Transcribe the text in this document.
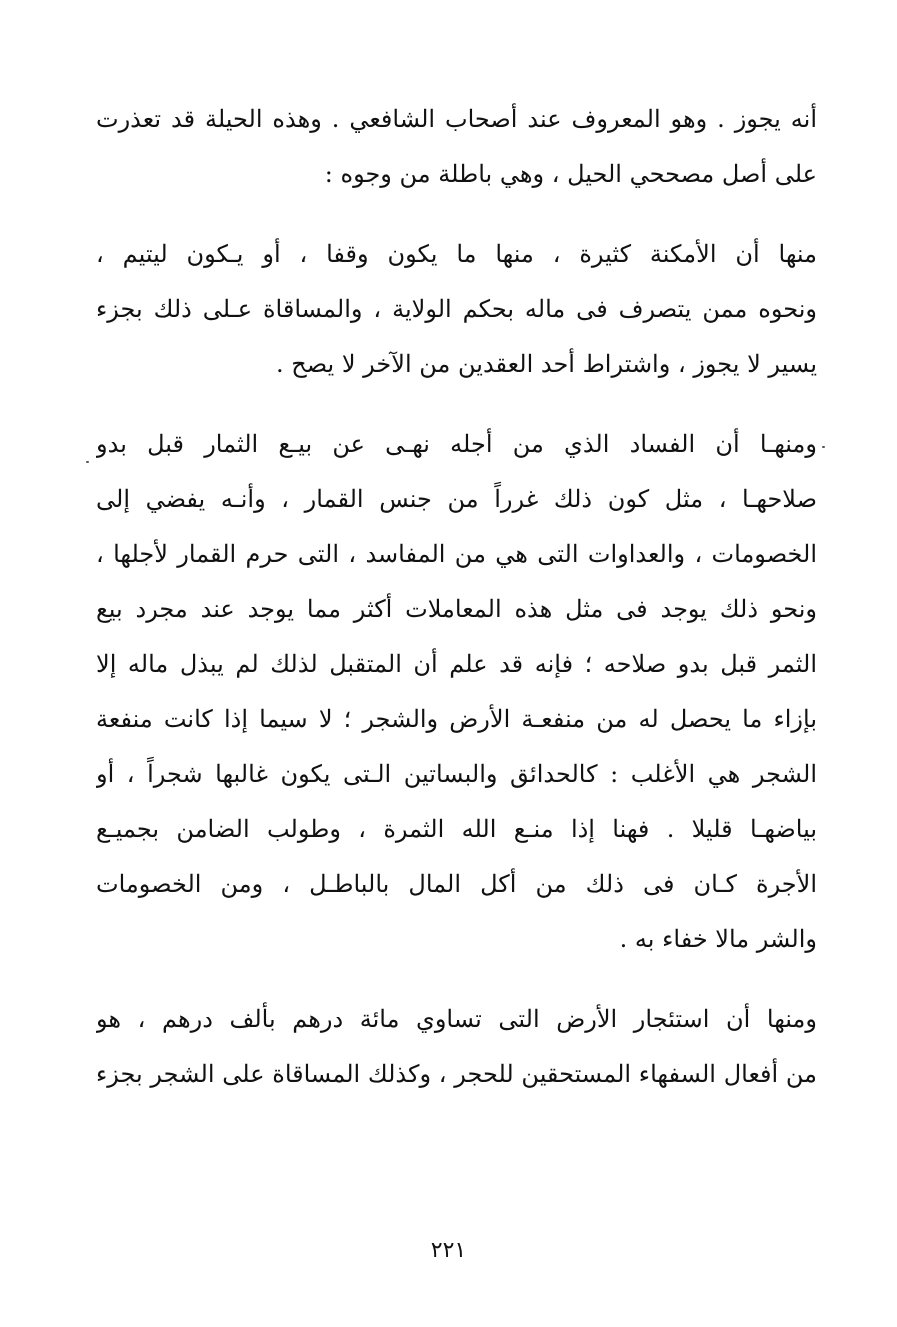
أنه يجوز . وهو المعروف عند أصحاب الشافعي . وهذه الحيلة قد تعذرت
على أصل مصححي الحيل ، وهي باطلة من وجوه :
منها أن الأمكنة كثيرة ، منها ما يكون وقفا ، أو يـكون ليتيم ،
ونحوه ممن يتصرف فى ماله بحكم الولاية ، والمساقاة عـلى ذلك بجزء
يسير لا يجوز ، واشتراط أحد العقدين من الآخر لا يصح .
ومنهـا أن الفساد الذي من أجله نهـى عن بيـع الثمار قبل بدو
صلاحهـا ، مثل كون ذلك غرراً من جنس القمار ، وأنـه يفضي إلى
الخصومات ، والعداوات التى هي من المفاسد ، التى حرم القمار لأجلها ،
ونحو ذلك يوجد فى مثل هذه المعاملات أكثر مما يوجد عند مجرد بيع
الثمر قبل بدو صلاحه ؛ فإنه قد علم أن المتقبل لذلك لم يبذل ماله إلا
بإزاء ما يحصل له من منفعـة الأرض والشجر ؛ لا سيما إذا كانت منفعة
الشجر هي الأغلب : كالحدائق والبساتين الـتى يكون غالبها شجراً ، أو
بياضهـا قليلا . فهنا إذا منـع الله الثمرة ، وطولب الضامن بجميـع
الأجرة كـان فى ذلك من أكل المال بالباطـل ، ومن الخصومات
والشر مالا خفاء به .
ومنها أن استئجار الأرض التى تساوي مائة درهم بألف درهم ، هو
من أفعال السفهاء المستحقين للحجر ، وكذلك المساقاة على الشجر بجزء
٢٢١
